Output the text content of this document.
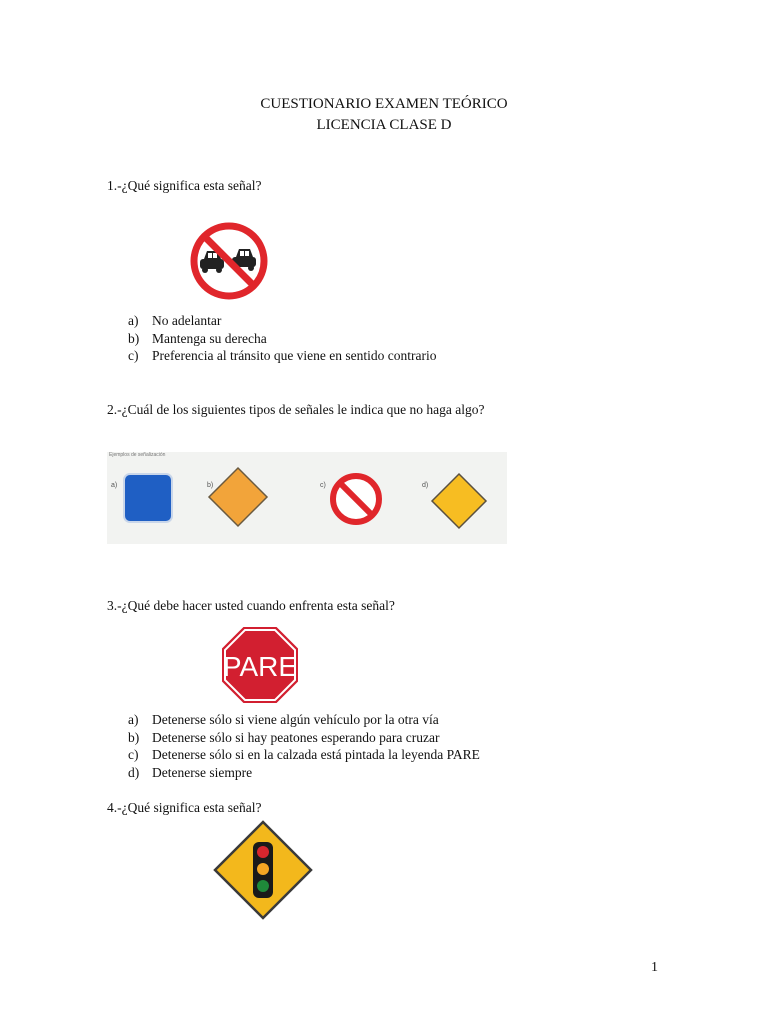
CUESTIONARIO EXAMEN TEÓRICO
LICENCIA CLASE D
1.-¿Qué significa esta señal?
a)	No adelantar
b) Mantenga su derecha
c)	Preferencia al tránsito que viene en sentido contrario
2.-¿Cuál de los siguientes tipos de señales le indica que no haga algo?
Ejemplos de señalización
a)	b)	c)	d)
3.-¿Qué debe hacer usted cuando enfrenta esta señal?
PARE
a)	Detenerse sólo si viene algún vehículo por la otra vía
b) Detenerse sólo si hay peatones esperando para cruzar
c)	Detenerse sólo si en la calzada está pintada la leyenda PARE
d) Detenerse siempre
4.-¿Qué significa esta señal?
1
